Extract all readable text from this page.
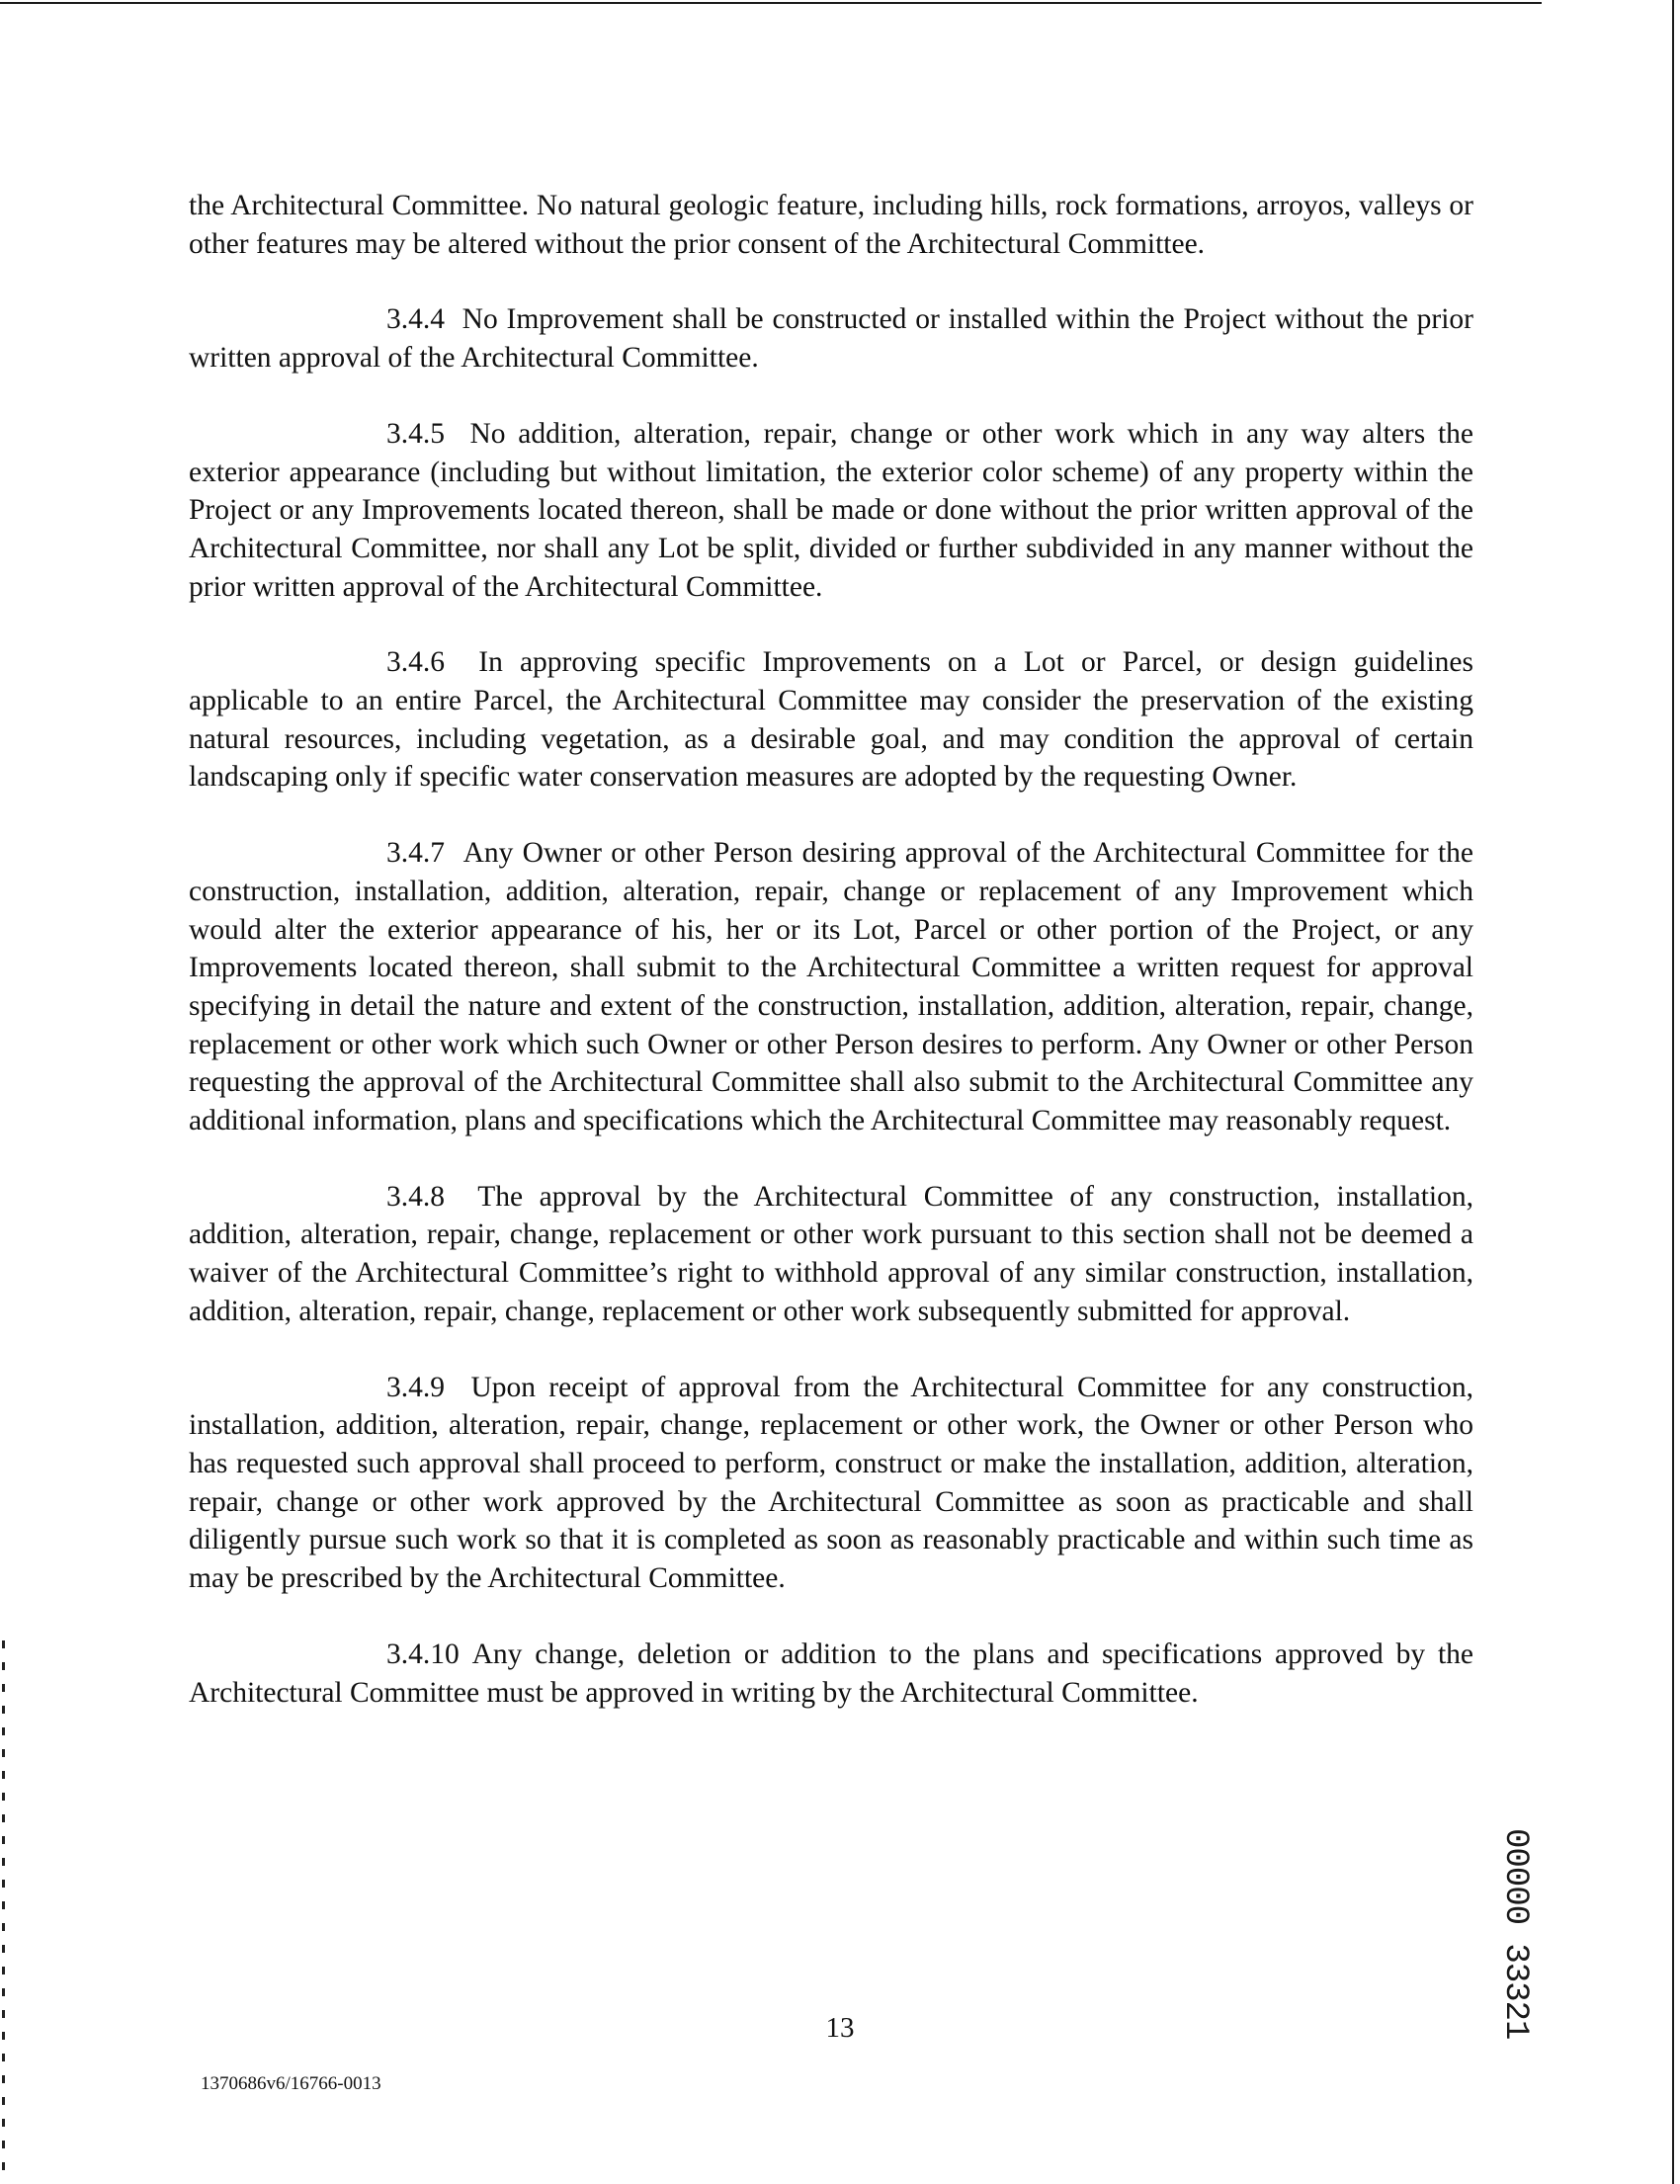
the Architectural Committee. No natural geologic feature, including hills, rock formations, arroyos, valleys or other features may be altered without the prior consent of the Architectural Committee.

3.4.4 No Improvement shall be constructed or installed within the Project without the prior written approval of the Architectural Committee.

3.4.5 No addition, alteration, repair, change or other work which in any way alters the exterior appearance (including but without limitation, the exterior color scheme) of any property within the Project or any Improvements located thereon, shall be made or done without the prior written approval of the Architectural Committee, nor shall any Lot be split, divided or further subdivided in any manner without the prior written approval of the Architectural Committee.

3.4.6 In approving specific Improvements on a Lot or Parcel, or design guidelines applicable to an entire Parcel, the Architectural Committee may consider the preservation of the existing natural resources, including vegetation, as a desirable goal, and may condition the approval of certain landscaping only if specific water conservation measures are adopted by the requesting Owner.

3.4.7 Any Owner or other Person desiring approval of the Architectural Committee for the construction, installation, addition, alteration, repair, change or replacement of any Improvement which would alter the exterior appearance of his, her or its Lot, Parcel or other portion of the Project, or any Improvements located thereon, shall submit to the Architectural Committee a written request for approval specifying in detail the nature and extent of the construction, installation, addition, alteration, repair, change, replacement or other work which such Owner or other Person desires to perform. Any Owner or other Person requesting the approval of the Architectural Committee shall also submit to the Architectural Committee any additional information, plans and specifications which the Architectural Committee may reasonably request.

3.4.8 The approval by the Architectural Committee of any construction, installation, addition, alteration, repair, change, replacement or other work pursuant to this section shall not be deemed a waiver of the Architectural Committee’s right to withhold approval of any similar construction, installation, addition, alteration, repair, change, replacement or other work subsequently submitted for approval.

3.4.9 Upon receipt of approval from the Architectural Committee for any construction, installation, addition, alteration, repair, change, replacement or other work, the Owner or other Person who has requested such approval shall proceed to perform, construct or make the installation, addition, alteration, repair, change or other work approved by the Architectural Committee as soon as practicable and shall diligently pursue such work so that it is completed as soon as reasonably practicable and within such time as may be prescribed by the Architectural Committee.

3.4.10 Any change, deletion or addition to the plans and specifications approved by the Architectural Committee must be approved in writing by the Architectural Committee.

13
1370686v6/16766-0013
00000 33321
